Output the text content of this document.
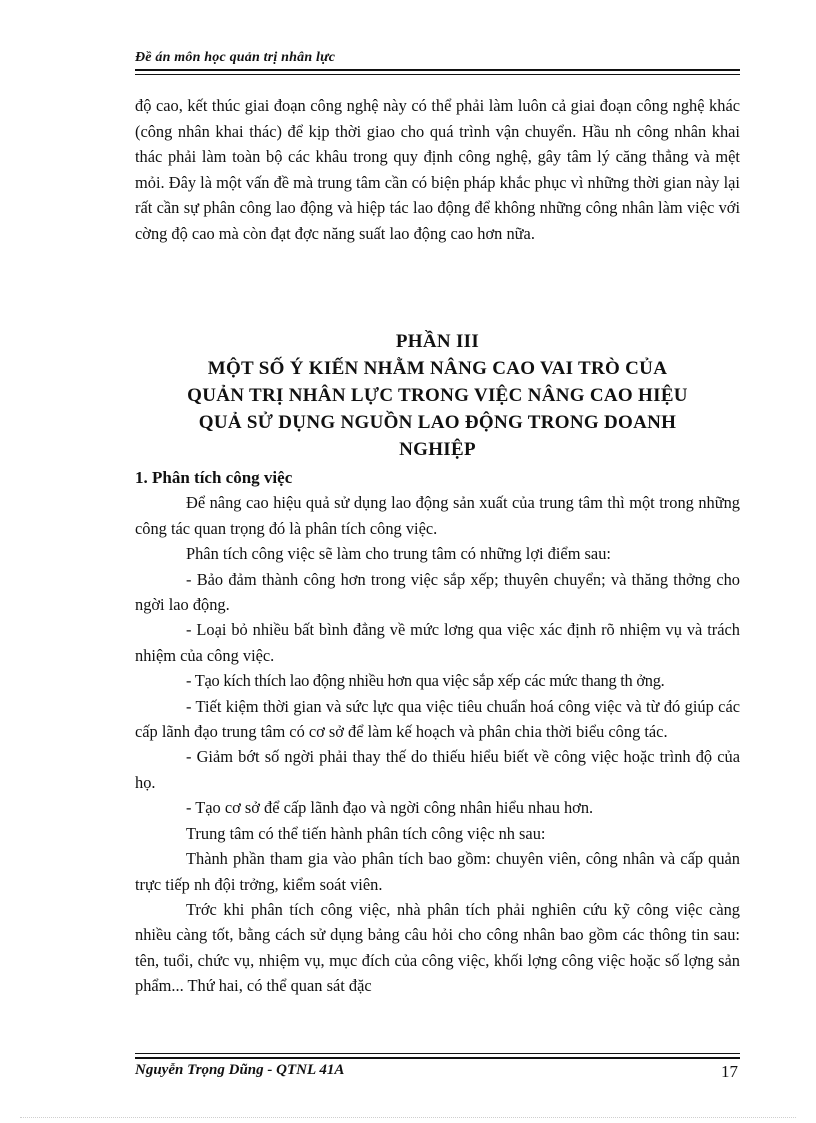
Đề án môn học quản trị nhân lực

độ cao, kết thúc giai đoạn công nghệ này có thể phải làm luôn cả giai đoạn công nghệ khác (công nhân khai thác) để kịp thời giao cho quá trình vận chuyển. Hầu nh công nhân khai thác phải làm toàn bộ các khâu trong quy định công nghệ, gây tâm lý căng thẳng và mệt mỏi. Đây là một vấn đề mà trung tâm cần có biện pháp khắc phục vì những thời gian này lại rất cần sự phân công lao động và hiệp tác lao động để không những công nhân làm việc với cờng độ cao mà còn đạt đợc năng suất lao động cao hơn nữa.

PHẦN III
MỘT SỐ Ý KIẾN NHẰM NÂNG CAO VAI TRÒ CỦA
QUẢN TRỊ NHÂN LỰC TRONG VIỆC NÂNG CAO HIỆU
QUẢ SỬ DỤNG NGUỒN LAO ĐỘNG TRONG DOANH
NGHIỆP

1. Phân tích công việc

Để nâng cao hiệu quả sử dụng lao động sản xuất của trung tâm thì một trong những công tác quan trọng đó là phân tích công việc.

Phân tích công việc sẽ làm cho trung tâm có những lợi điểm sau:

- Bảo đảm thành công hơn trong việc sắp xếp; thuyên chuyển; và thăng thởng cho ngời lao động.

- Loại bỏ nhiều bất bình đẳng về mức lơng qua việc xác định rõ nhiệm vụ và trách nhiệm của công việc.

- Tạo kích thích lao động nhiều hơn qua việc sắp xếp các mức thang th ởng.

- Tiết kiệm thời gian và sức lực qua việc tiêu chuẩn hoá công việc và từ đó giúp các cấp lãnh đạo trung tâm có cơ sở để làm kế hoạch và phân chia thời biểu công tác.

- Giảm bớt số ngời phải thay thế do thiếu hiểu biết về công việc hoặc trình độ của họ.

- Tạo cơ sở để cấp lãnh đạo và ngời công nhân hiểu nhau hơn.

Trung tâm có thể tiến hành phân tích công việc nh sau:

Thành phần tham gia vào phân tích bao gồm: chuyên viên, công nhân và cấp quản trực tiếp nh đội trởng, kiểm soát viên.

Trớc khi phân tích công việc, nhà phân tích phải nghiên cứu kỹ công việc càng nhiều càng tốt, bằng cách sử dụng bảng câu hỏi cho công nhân bao gồm các thông tin sau: tên, tuổi, chức vụ, nhiệm vụ, mục đích của công việc, khối lợng công việc hoặc số lợng sản phẩm... Thứ hai, có thể quan sát đặc

Nguyễn Trọng Dũng - QTNL 41A	17
